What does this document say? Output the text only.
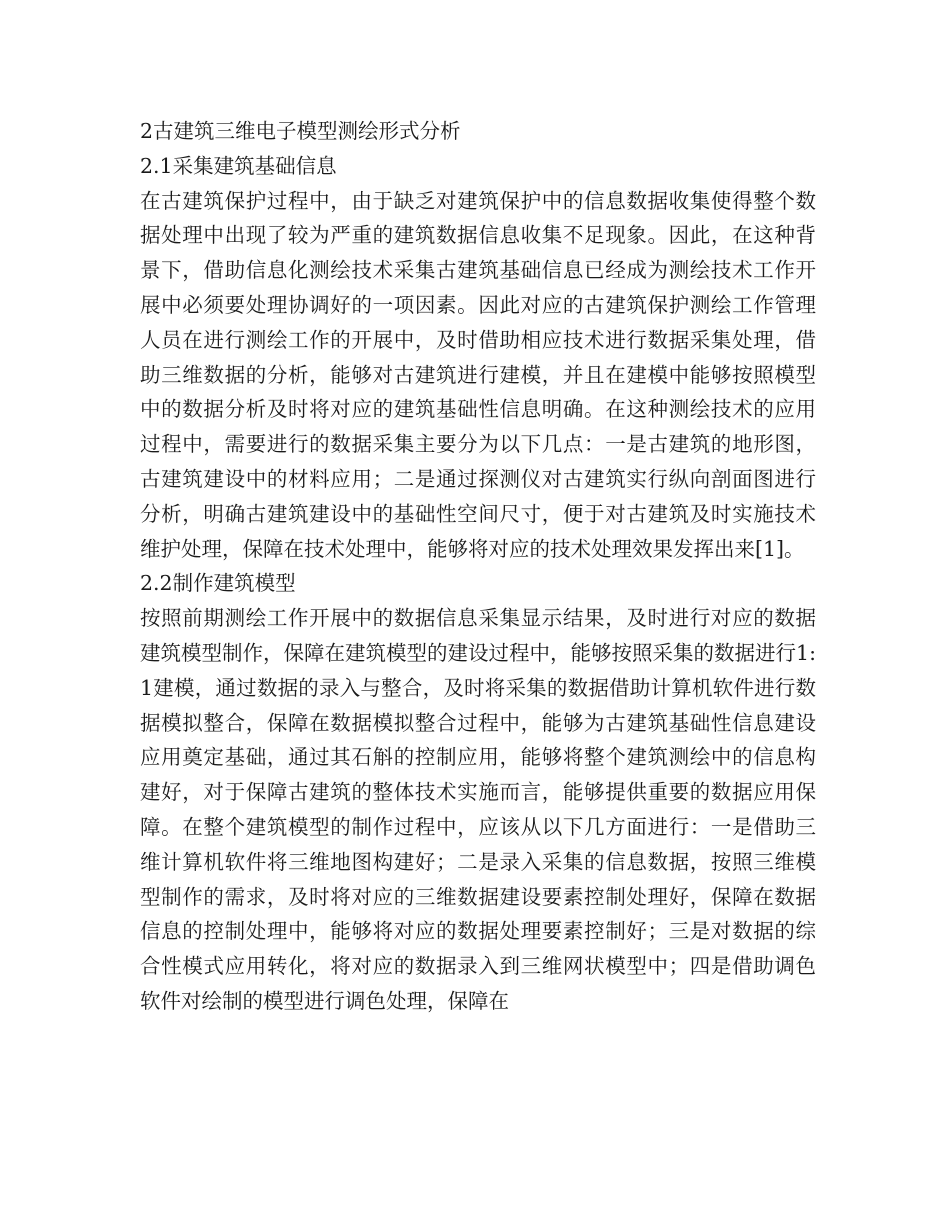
2古建筑三维电子模型测绘形式分析

2.1采集建筑基础信息

在古建筑保护过程中，由于缺乏对建筑保护中的信息数据收集使得整个数据处理中出现了较为严重的建筑数据信息收集不足现象。因此，在这种背景下，借助信息化测绘技术采集古建筑基础信息已经成为测绘技术工作开展中必须要处理协调好的一项因素。因此对应的古建筑保护测绘工作管理人员在进行测绘工作的开展中，及时借助相应技术进行数据采集处理，借助三维数据的分析，能够对古建筑进行建模，并且在建模中能够按照模型中的数据分析及时将对应的建筑基础性信息明确。在这种测绘技术的应用过程中，需要进行的数据采集主要分为以下几点：一是古建筑的地形图，古建筑建设中的材料应用；二是通过探测仪对古建筑实行纵向剖面图进行分析，明确古建筑建设中的基础性空间尺寸，便于对古建筑及时实施技术维护处理，保障在技术处理中，能够将对应的技术处理效果发挥出来[1]。

2.2制作建筑模型

按照前期测绘工作开展中的数据信息采集显示结果，及时进行对应的数据建筑模型制作，保障在建筑模型的建设过程中，能够按照采集的数据进行1:1建模，通过数据的录入与整合，及时将采集的数据借助计算机软件进行数据模拟整合，保障在数据模拟整合过程中，能够为古建筑基础性信息建设应用奠定基础，通过其石斛的控制应用，能够将整个建筑测绘中的信息构建好，对于保障古建筑的整体技术实施而言，能够提供重要的数据应用保障。在整个建筑模型的制作过程中，应该从以下几方面进行：一是借助三维计算机软件将三维地图构建好；二是录入采集的信息数据，按照三维模型制作的需求，及时将对应的三维数据建设要素控制处理好，保障在数据信息的控制处理中，能够将对应的数据处理要素控制好；三是对数据的综合性模式应用转化，将对应的数据录入到三维网状模型中；四是借助调色软件对绘制的模型进行调色处理，保障在
